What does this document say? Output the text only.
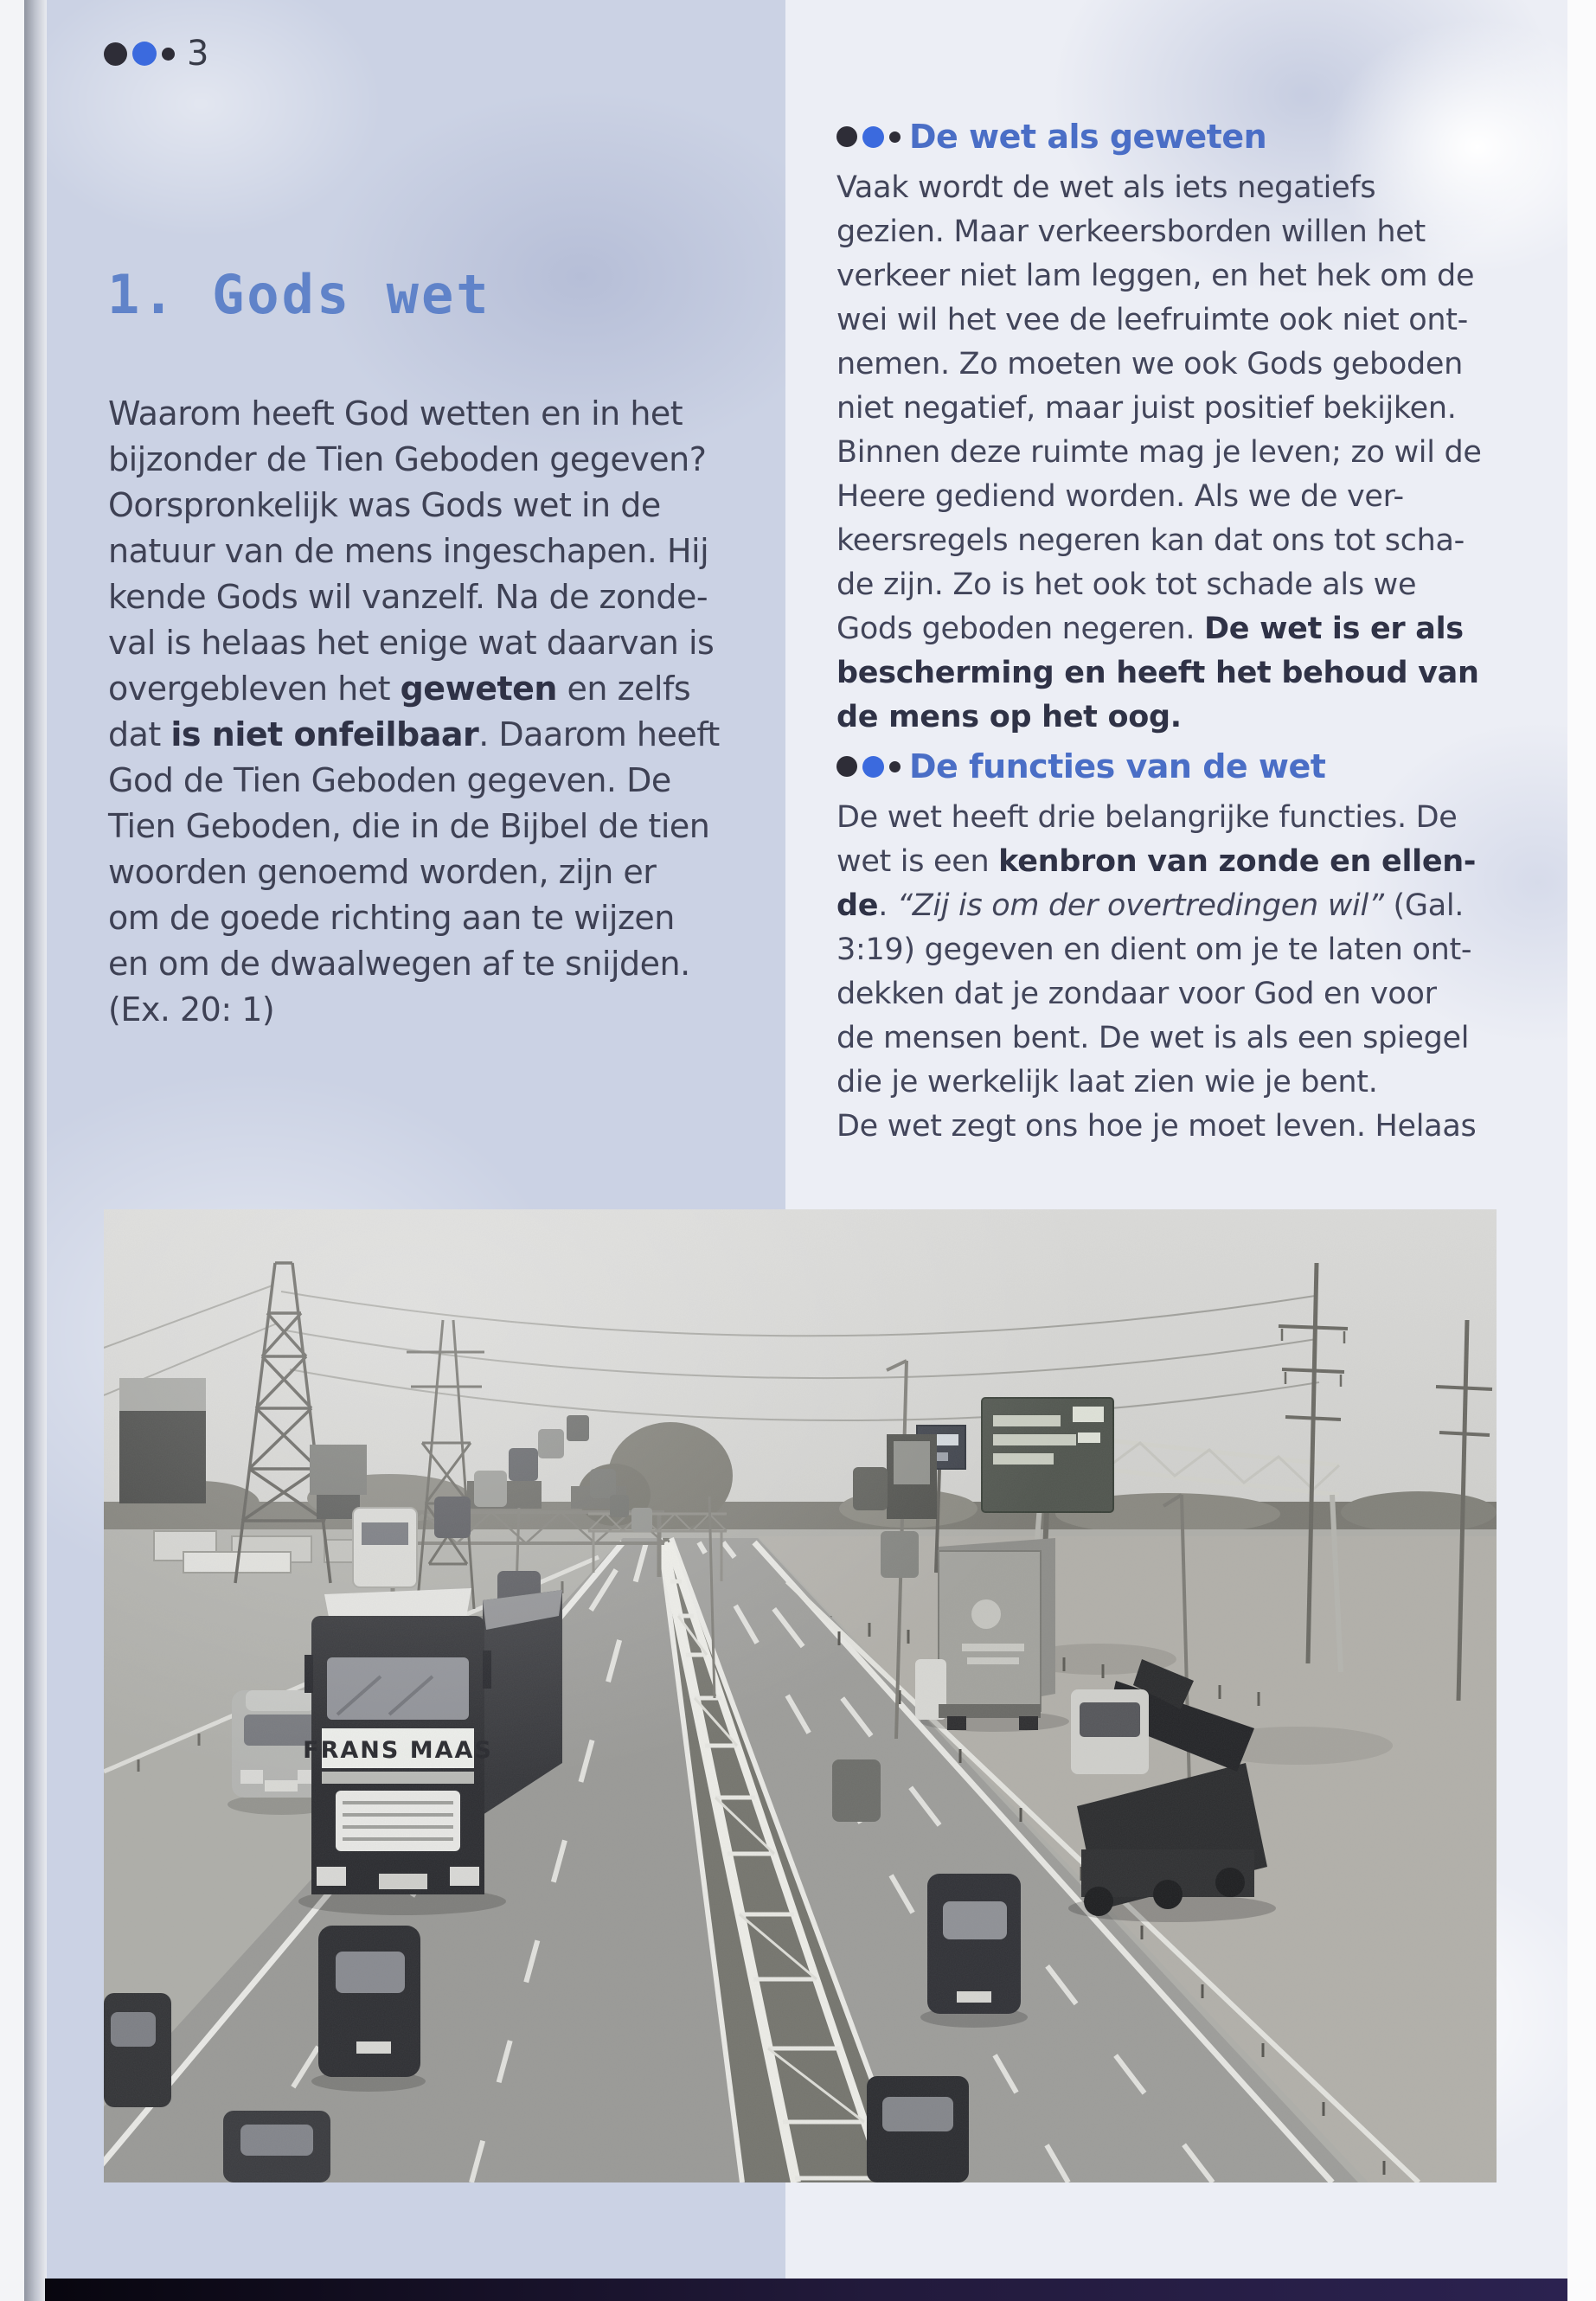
3
1. Gods wet
Waarom heeft God wetten en in het
bijzonder de Tien Geboden gegeven?
Oorspronkelijk was Gods wet in de
natuur van de mens ingeschapen. Hij
kende Gods wil vanzelf. Na de zonde-
val is helaas het enige wat daarvan is
overgebleven het geweten en zelfs
dat is niet onfeilbaar. Daarom heeft
God de Tien Geboden gegeven. De
Tien Geboden, die in de Bijbel de tien
woorden genoemd worden, zijn er
om de goede richting aan te wijzen
en om de dwaalwegen af te snijden.
(Ex. 20: 1)
De wet als geweten
Vaak wordt de wet als iets negatiefs
gezien. Maar verkeersborden willen het
verkeer niet lam leggen, en het hek om de
wei wil het vee de leefruimte ook niet ont-
nemen. Zo moeten we ook Gods geboden
niet negatief, maar juist positief bekijken.
Binnen deze ruimte mag je leven; zo wil de
Heere gediend worden. Als we de ver-
keersregels negeren kan dat ons tot scha-
de zijn. Zo is het ook tot schade als we
Gods geboden negeren. De wet is er als
bescherming en heeft het behoud van
de mens op het oog.
De functies van de wet
De wet heeft drie belangrijke functies. De
wet is een kenbron van zonde en ellen-
de. “Zij is om der overtredingen wil” (Gal.
3:19) gegeven en dient om je te laten ont-
dekken dat je zondaar voor God en voor
de mensen bent. De wet is als een spiegel
die je werkelijk laat zien wie je bent.
De wet zegt ons hoe je moet leven. Helaas
